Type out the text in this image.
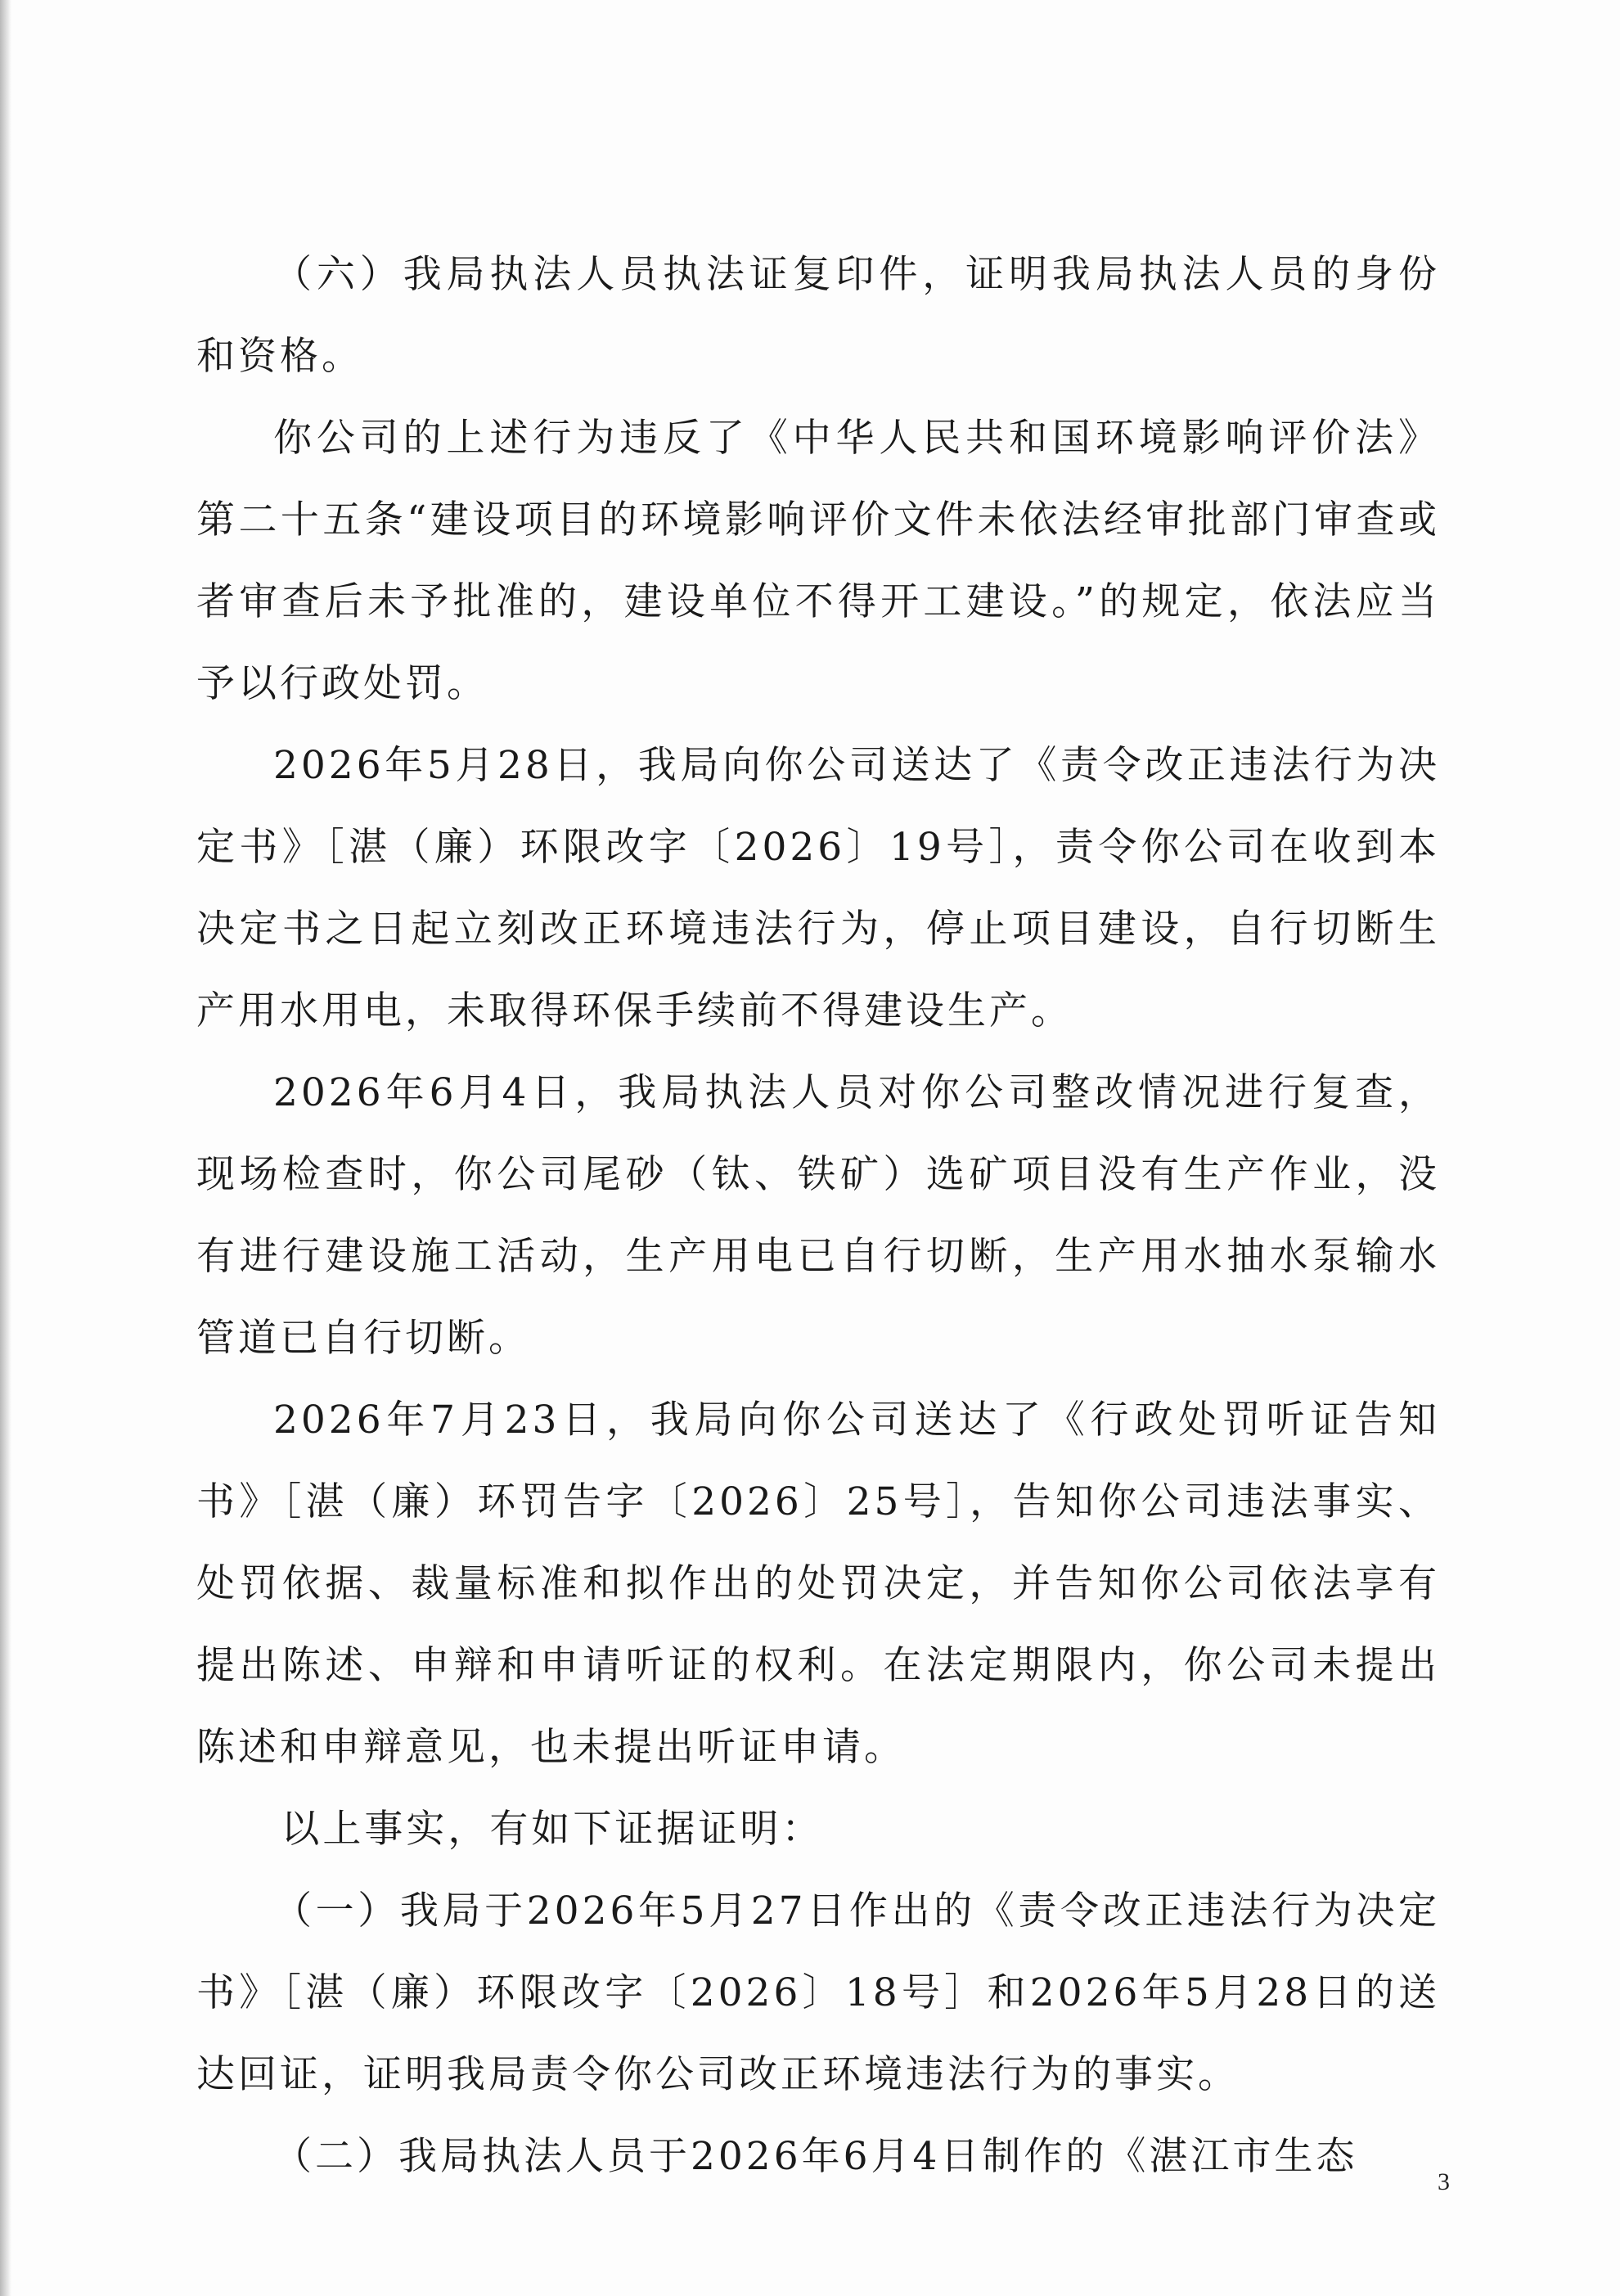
（六）我局执法人员执法证复印件，证明我局执法人员的身份和资格。

你公司的上述行为违反了《中华人民共和国环境影响评价法》第二十五条“建设项目的环境影响评价文件未依法经审批部门审查或者审查后未予批准的，建设单位不得开工建设。”的规定，依法应当予以行政处罚。

2026年5月28日，我局向你公司送达了《责令改正违法行为决定书》［湛（廉）环限改字〔2026〕19号］，责令你公司在收到本决定书之日起立刻改正环境违法行为，停止项目建设，自行切断生产用水用电，未取得环保手续前不得建设生产。

2026年6月4日，我局执法人员对你公司整改情况进行复查，现场检查时，你公司尾砂（钛、铁矿）选矿项目没有生产作业，没有进行建设施工活动，生产用电已自行切断，生产用水抽水泵输水管道已自行切断。

2026年7月23日，我局向你公司送达了《行政处罚听证告知书》［湛（廉）环罚告字〔2026〕25号］，告知你公司违法事实、处罚依据、裁量标准和拟作出的处罚决定，并告知你公司依法享有提出陈述、申辩和申请听证的权利。在法定期限内，你公司未提出陈述和申辩意见，也未提出听证申请。

以上事实，有如下证据证明：

（一）我局于2026年5月27日作出的《责令改正违法行为决定书》［湛（廉）环限改字〔2026〕18号］和2026年5月28日的送达回证，证明我局责令你公司改正环境违法行为的事实。

（二）我局执法人员于2026年6月4日制作的《湛江市生态

3
